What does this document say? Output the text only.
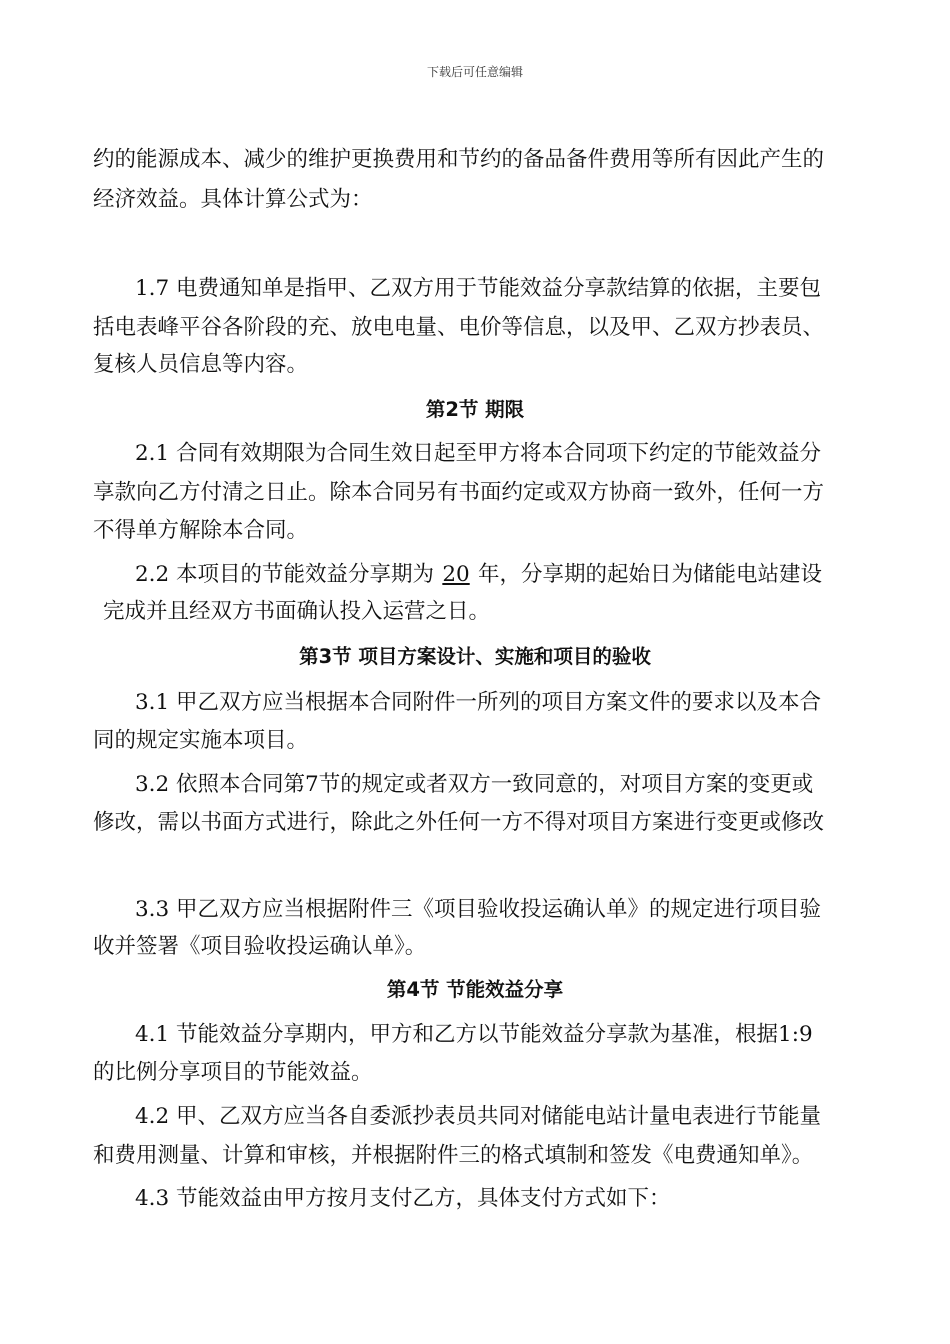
下载后可任意编辑
约的能源成本、减少的维护更换费用和节约的备品备件费用等所有因此产生的
经济效益。具体计算公式为：
1.7 电费通知单是指甲、乙双方用于节能效益分享款结算的依据，主要包
括电表峰平谷各阶段的充、放电电量、电价等信息，以及甲、乙双方抄表员、
复核人员信息等内容。
第2节 期限
2.1 合同有效期限为合同生效日起至甲方将本合同项下约定的节能效益分
享款向乙方付清之日止。除本合同另有书面约定或双方协商一致外，任何一方
不得单方解除本合同。
2.2 本项目的节能效益分享期为 20 年，分享期的起始日为储能电站建设
完成并且经双方书面确认投入运营之日。
第3节 项目方案设计、实施和项目的验收
3.1 甲乙双方应当根据本合同附件一所列的项目方案文件的要求以及本合
同的规定实施本项目。
3.2 依照本合同第7节的规定或者双方一致同意的，对项目方案的变更或
修改，需以书面方式进行，除此之外任何一方不得对项目方案进行变更或修改
3.3 甲乙双方应当根据附件三《项目验收投运确认单》的规定进行项目验
收并签署《项目验收投运确认单》。
第4节 节能效益分享
4.1 节能效益分享期内，甲方和乙方以节能效益分享款为基准，根据1:9
的比例分享项目的节能效益。
4.2 甲、乙双方应当各自委派抄表员共同对储能电站计量电表进行节能量
和费用测量、计算和审核，并根据附件三的格式填制和签发《电费通知单》。
4.3 节能效益由甲方按月支付乙方，具体支付方式如下：
